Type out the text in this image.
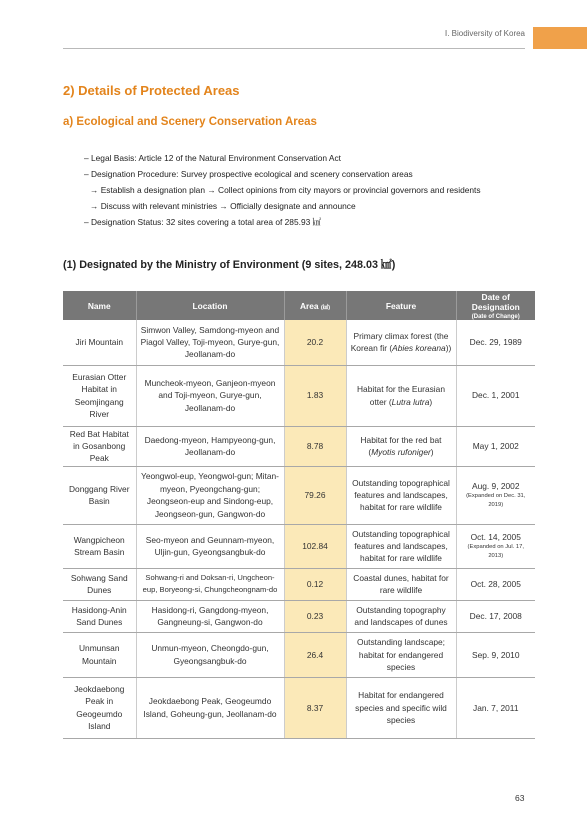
Ⅰ. Biodiversity of Korea
2) Details of Protected Areas
a) Ecological and Scenery Conservation Areas
– Legal Basis: Article 12 of the Natural Environment Conservation Act
– Designation Procedure: Survey prospective ecological and scenery conservation areas
→ Establish a designation plan → Collect opinions from city mayors or provincial governors and residents
→ Discuss with relevant ministries → Officially designate and announce
– Designation Status: 32 sites covering a total area of 285.93 ㎢
(1) Designated by the Ministry of Environment (9 sites, 248.03 ㎢)
Name	Location	Area (㎢)	Feature	Date of Designation
(Date of Change)

Jiri Mountain	Simwon Valley, Samdong-myeon and Piagol Valley, Toji-myeon, Gurye-gun, Jeollanam-do	20.2	Primary climax forest (the Korean fir (Abies koreana))	Dec. 29, 1989
Eurasian Otter Habitat in Seomjingang River	Muncheok-myeon, Ganjeon-myeon and Toji-myeon, Gurye-gun, Jeollanam-do	1.83	Habitat for the Eurasian otter (Lutra lutra)	Dec. 1, 2001
Red Bat Habitat in Gosanbong Peak	Daedong-myeon, Hampyeong-gun, Jeollanam-do	8.78	Habitat for the red bat (Myotis rufoniger)	May 1, 2002
Donggang River Basin	Yeongwol-eup, Yeongwol-gun; Mitan-myeon, Pyeongchang-gun; Jeongseon-eup and Sindong-eup, Jeongseon-gun, Gangwon-do	79.26	Outstanding topographical features and landscapes, habitat for rare wildlife	Aug. 9, 2002
(Expanded on Dec. 31, 2019)

Wangpicheon Stream Basin	Seo-myeon and Geunnam-myeon, Uljin-gun, Gyeongsangbuk-do	102.84	Outstanding topographical features and landscapes, habitat for rare wildlife	Oct. 14, 2005
(Expanded on Jul. 17, 2013)

Sohwang Sand Dunes	Sohwang-ri and Doksan-ri, Ungcheon-eup, Boryeong-si, Chungcheongnam-do	0.12	Coastal dunes, habitat for rare wildlife	Oct. 28, 2005
Hasidong-Anin Sand Dunes	Hasidong-ri, Gangdong-myeon, Gangneung-si, Gangwon-do	0.23	Outstanding topography and landscapes of dunes	Dec. 17, 2008
Unmunsan Mountain	Unmun-myeon, Cheongdo-gun, Gyeongsangbuk-do	26.4	Outstanding landscape; habitat for endangered species	Sep. 9, 2010
Jeokdaebong Peak in Geogeumdo Island	Jeokdaebong Peak, Geogeumdo Island, Goheung-gun, Jeollanam-do	8.37	Habitat for endangered species and specific wild species	Jan. 7, 2011
63
